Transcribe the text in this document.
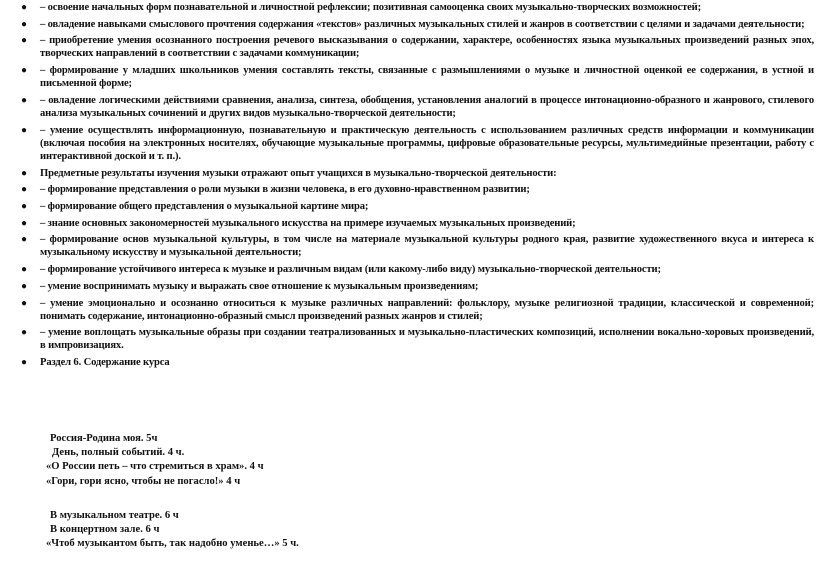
● – освоение начальных форм познавательной и личностной рефлексии; позитивная самооценка своих музыкально-творческих возможностей;
● – овладение навыками смыслового прочтения содержания «текстов» различных музыкальных стилей и жанров в соответствии с целями и задачами деятельности;
● – приобретение умения осознанного построения речевого высказывания о содержании, характере, особенностях языка музыкальных произведений разных эпох, творческих направлений в соответствии с задачами коммуникации;
● – формирование у младших школьников умения составлять тексты, связанные с размышлениями о музыке и личностной оценкой ее содержания, в устной и письменной форме;
● – овладение логическими действиями сравнения, анализа, синтеза, обобщения, установления аналогий в процессе интонационно-образного и жанрового, стилевого анализа музыкальных сочинений и других видов музыкально-творческой деятельности;
● – умение осуществлять информационную, познавательную и практическую деятельность с использованием различных средств информации и коммуникации (включая пособия на электронных носителях, обучающие музыкальные программы, цифровые образовательные ресурсы, мультимедийные презентации, работу с интерактивной доской и т. п.).
● Предметные результаты изучения музыки отражают опыт учащихся в музыкально-творческой деятельности:
● – формирование представления о роли музыки в жизни человека, в его духовно-нравственном развитии;
● – формирование общего представления о музыкальной картине мира;
● – знание основных закономерностей музыкального искусства на примере изучаемых музыкальных произведений;
● – формирование основ музыкальной культуры, в том числе на материале музыкальной культуры родного края, развитие художественного вкуса и интереса к музыкальному искусству и музыкальной деятельности;
● – формирование устойчивого интереса к музыке и различным видам (или какому-либо виду) музыкально-творческой деятельности;
● – умение воспринимать музыку и выражать свое отношение к музыкальным произведениям;
● – умение эмоционально и осознанно относиться к музыке различных направлений: фольклору, музыке религиозной традиции, классической и современной; понимать содержание, интонационно-образный смысл произведений разных жанров и стилей;
● – умение воплощать музыкальные образы при создании театрализованных и музыкально-пластических композиций, исполнении вокально-хоровых произведений, в импровизациях.
● Раздел 6. Содержание курса
Россия-Родина моя. 5ч
День, полный событий. 4 ч.
«О России петь – что стремиться в храм». 4 ч
«Гори, гори ясно, чтобы не погасло!» 4 ч
В музыкальном театре. 6 ч
В концертном зале. 6 ч
«Чтоб музыкантом быть, так надобно уменье…» 5 ч.
